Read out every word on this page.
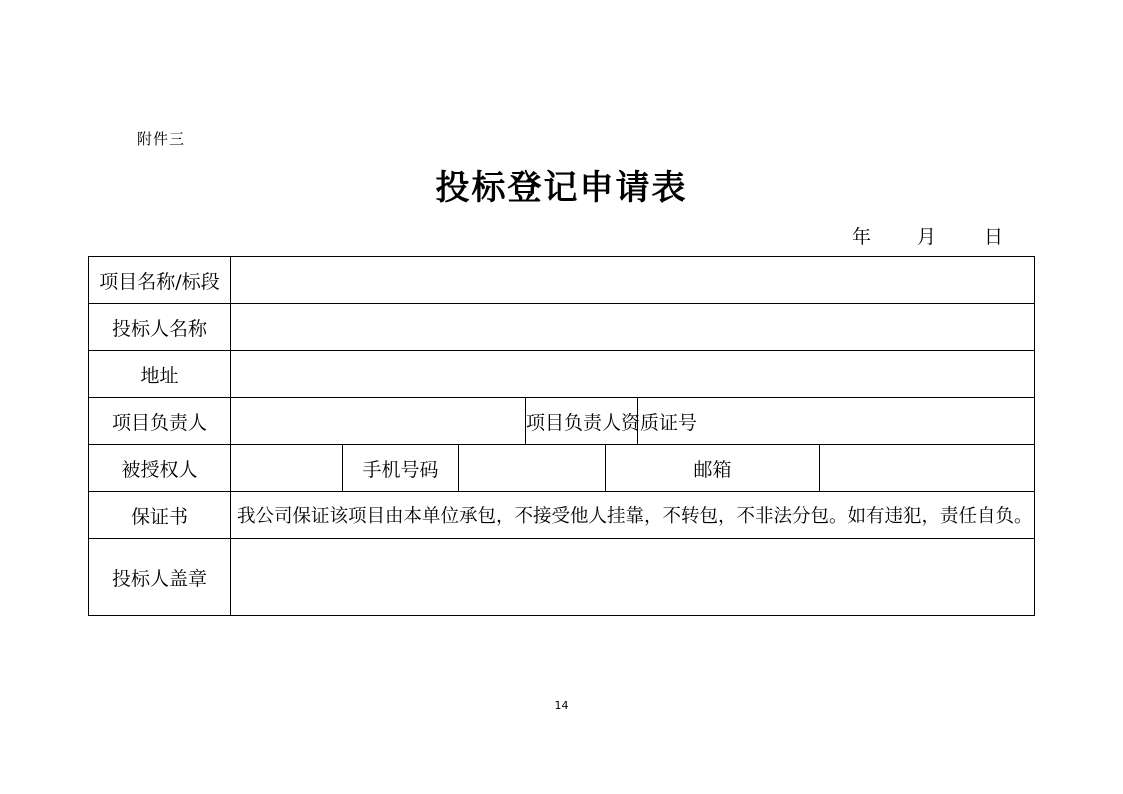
附件三
投标登记申请表
年 月	日
项目名称/标段							
投标人名称							
地址							
项目负责人				项目负责人资质证号			
被授权人		手机号码			邮箱		
保证书	我公司保证该项目由本单位承包，不接受他人挂靠，不转包，不非法分包。如有违犯，责任自负。						
投标人盖章							
14
